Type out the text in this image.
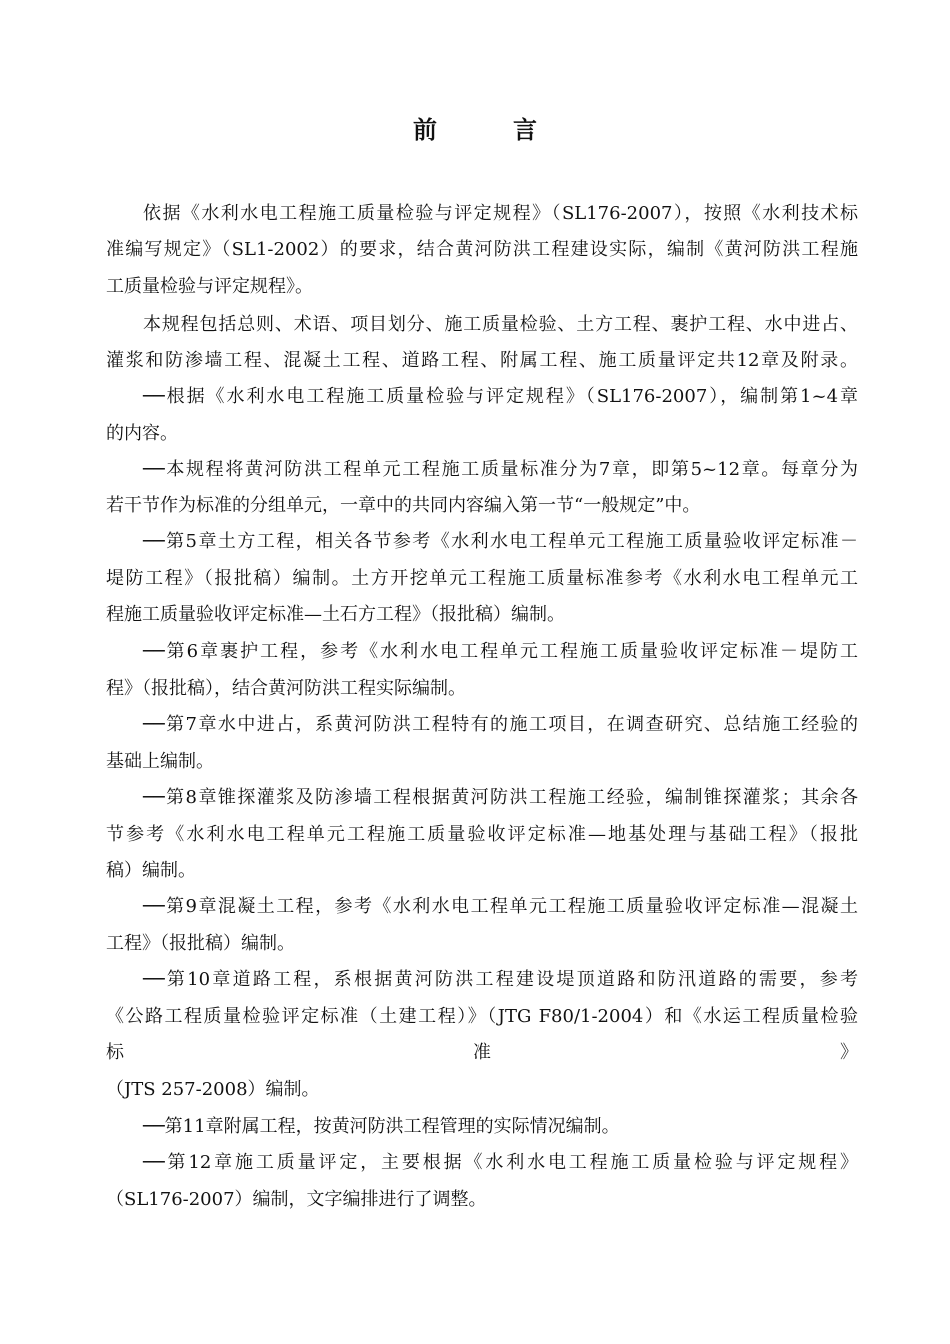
前　言
依据《水利水电工程施工质量检验与评定规程》（SL176-2007），按照《水利技术标
准编写规定》（SL1-2002）的要求，结合黄河防洪工程建设实际，编制《黄河防洪工程施
工质量检验与评定规程》。
本规程包括总则、术语、项目划分、施工质量检验、土方工程、裹护工程、水中进占、
灌浆和防渗墙工程、混凝土工程、道路工程、附属工程、施工质量评定共12章及附录。
──根据《水利水电工程施工质量检验与评定规程》（SL176-2007），编制第1~4章
的内容。
──本规程将黄河防洪工程单元工程施工质量标准分为7章，即第5~12章。每章分为
若干节作为标准的分组单元，一章中的共同内容编入第一节“一般规定”中。
──第5章土方工程，相关各节参考《水利水电工程单元工程施工质量验收评定标准－
堤防工程》（报批稿）编制。土方开挖单元工程施工质量标准参考《水利水电工程单元工
程施工质量验收评定标准—土石方工程》（报批稿）编制。
──第6章裹护工程，参考《水利水电工程单元工程施工质量验收评定标准－堤防工
程》（报批稿），结合黄河防洪工程实际编制。
──第7章水中进占，系黄河防洪工程特有的施工项目，在调查研究、总结施工经验的
基础上编制。
──第8章锥探灌浆及防渗墙工程根据黄河防洪工程施工经验，编制锥探灌浆；其余各
节参考《水利水电工程单元工程施工质量验收评定标准—地基处理与基础工程》（报批
稿）编制。
──第9章混凝土工程，参考《水利水电工程单元工程施工质量验收评定标准—混凝土
工程》（报批稿）编制。
──第10章道路工程，系根据黄河防洪工程建设堤顶道路和防汛道路的需要，参考
《公路工程质量检验评定标准（土建工程）》（JTG F80/1-2004）和《水运工程质量检验
标　准　》
（JTS 257-2008）编制。
──第11章附属工程，按黄河防洪工程管理的实际情况编制。
──第12章施工质量评定，主要根据《水利水电工程施工质量检验与评定规程》
（SL176-2007）编制，文字编排进行了调整。
